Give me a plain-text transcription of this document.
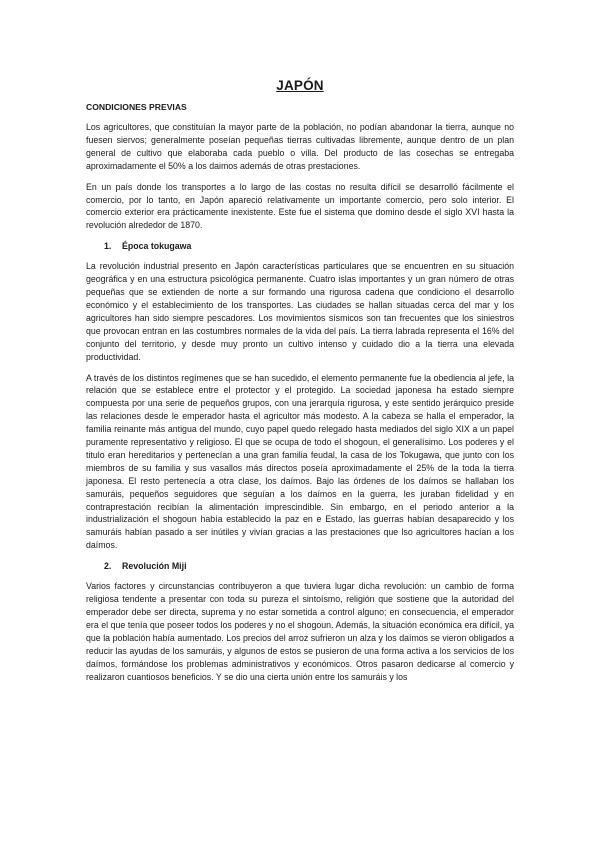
JAPÓN
CONDICIONES PREVIAS

Los agricultores, que constituían la mayor parte de la población, no podían abandonar la tierra, aunque no fuesen siervos; generalmente poseían pequeñas tierras cultivadas libremente, aunque dentro de un plan general de cultivo que elaboraba cada pueblo o villa. Del producto de las cosechas se entregaba aproximadamente el 50% a los daimos además de otras prestaciones.

En un país donde los transportes a lo largo de las costas no resulta difícil se desarrolló fácilmente el comercio, por lo tanto, en Japón apareció relativamente un importante comercio, pero solo interior. El comercio exterior era prácticamente inexistente. Este fue el sistema que domino desde el siglo XVI hasta la revolución alrededor de 1870.

1. Época tokugawa

La revolución industrial presento en Japón características particulares que se encuentren en su situación geográfica y en una estructura psicológica permanente. Cuatro islas importantes y un gran número de otras pequeñas que se extienden de norte a sur formando una rigurosa cadena que condiciono el desarrollo económico y el establecimiento de los transportes. Las ciudades se hallan situadas cerca del mar y los agricultores han sido siempre pescadores. Los movimientos sísmicos son tan frecuentes que los siniestros que provocan entran en las costumbres normales de la vida del país. La tierra labrada representa el 16% del conjunto del territorio, y desde muy pronto un cultivo intenso y cuidado dio a la tierra una elevada productividad.

A través de los distintos regímenes que se han sucedido, el elemento permanente fue la obediencia al jefe, la relación que se establece entre el protector y el protegido. La sociedad japonesa ha estado siempre compuesta por una serie de pequeños grupos, con una jerarquía rigurosa, y este sentido jerárquico preside las relaciones desde le emperador hasta el agricultor más modesto. A la cabeza se halla el emperador, la familia reinante más antigua del mundo, cuyo papel quedo relegado hasta mediados del siglo XIX a un papel puramente representativo y religioso. El que se ocupa de todo el shogoun, el generalísimo. Los poderes y el titulo eran hereditarios y pertenecían a una gran familia feudal, la casa de los Tokugawa, que junto con los miembros de su familia y sus vasallos más directos poseía aproximadamente el 25% de la toda la tierra japonesa. El resto pertenecía a otra clase, los daímos. Bajo las órdenes de los daímos se hallaban los samuráis, pequeños seguidores que seguían a los daímos en la guerra, les juraban fidelidad y en contraprestación recibían la alimentación imprescindible. Sin embargo, en el periodo anterior a la industrialización el shogoun había establecido la paz en e Estado, las guerras habían desaparecido y los samuráis habían pasado a ser inútiles y vivían gracias a las prestaciones que lso agricultores hacían a los daímos.

2. Revolución Miji

Varios factores y circunstancias contribuyeron a que tuviera lugar dicha revolución: un cambio de forma religiosa tendente a presentar con toda su pureza el sintoísmo, religión que sostiene que la autoridad del emperador debe ser directa, suprema y no estar sometida a control alguno; en consecuencia, el emperador era el que tenía que poseer todos los poderes y no el shogoun. Además, la situación económica era difícil, ya que la población había aumentado. Los precios del arroz sufrieron un alza y los daímos se vieron obligados a reducir las ayudas de los samuráis, y algunos de estos se pusieron de una forma activa a los servicios de los daímos, formándose los problemas administrativos y económicos. Otros pasaron dedicarse al comercio y realizaron cuantiosos beneficios. Y se dio una cierta unión entre los samuráis y los
